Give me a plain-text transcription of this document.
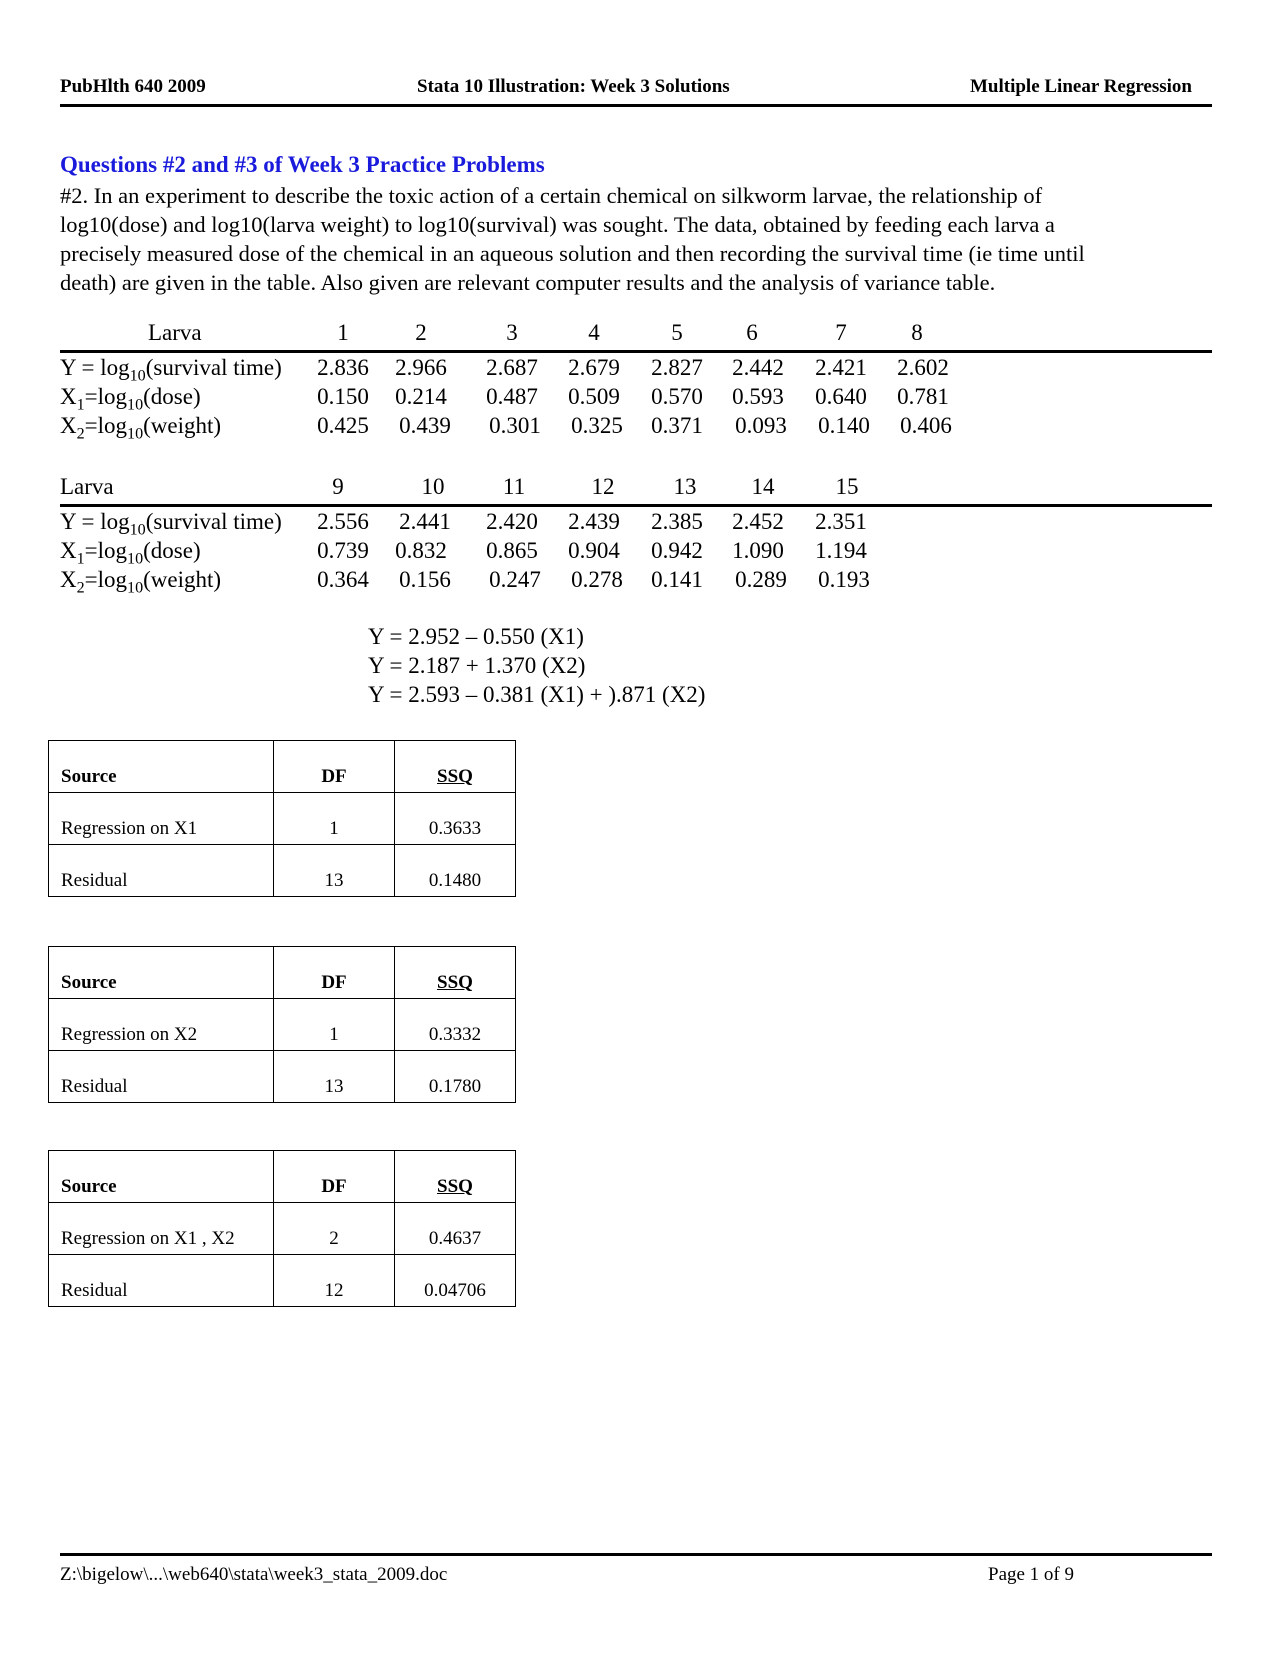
PubHlth 640 2009	Stata 10 Illustration: Week 3 Solutions	Multiple Linear Regression
Questions #2 and #3 of Week 3 Practice Problems
#2. In an experiment to describe the toxic action of a certain chemical on silkworm larvae, the relationship of
log10(dose) and log10(larva weight) to log10(survival) was sought. The data, obtained by feeding each larva a
precisely measured dose of the chemical in an aqueous solution and then recording the survival time (ie time until
death) are given in the table. Also given are relevant computer results and the analysis of variance table.
Larva	1	2	3	4	5	6	7	8
$Y = \log_{10}(survival$ time)	2.836	2.966	2.687	2.679	2.827	2.442	2.421	2.602
$X_1=\log_{10}(dose)$	0.150	0.214	0.487	0.509	0.570	0.593	0.640	0.781
$X_2=\log_{10}(weight)$	0.425	0.439	0.301	0.325	0.371	0.093	0.140	0.406
Larva	9	10	11	12	13	14	15
$Y = \log_{10}(survival$ time)	2.556	2.441	2.420	2.439	2.385	2.452	2.351
$X_1=\log_{10}(dose)$	0.739	0.832	0.865	0.904	0.942	1.090	1.194
$X_2=\log_{10}(weight)$	0.364	0.156	0.247	0.278	0.141	0.289	0.193
Y = 2.952 – 0.550 (X1)
Y = 2.187 + 1.370 (X2)
Y = 2.593 – 0.381 (X1) + ).871 (X2)
Source	DF	SSQ
Regression on X1	1	0.3633
Residual	13	0.1480
Source	DF	SSQ
Regression on X2	1	0.3332
Residual	13	0.1780
Source	DF	SSQ
Regression on X1 , X2	2	0.4637
Residual	12	0.04706
Z:\bigelow\...\web640\stata\week3_stata_2009.doc	Page 1 of 9
